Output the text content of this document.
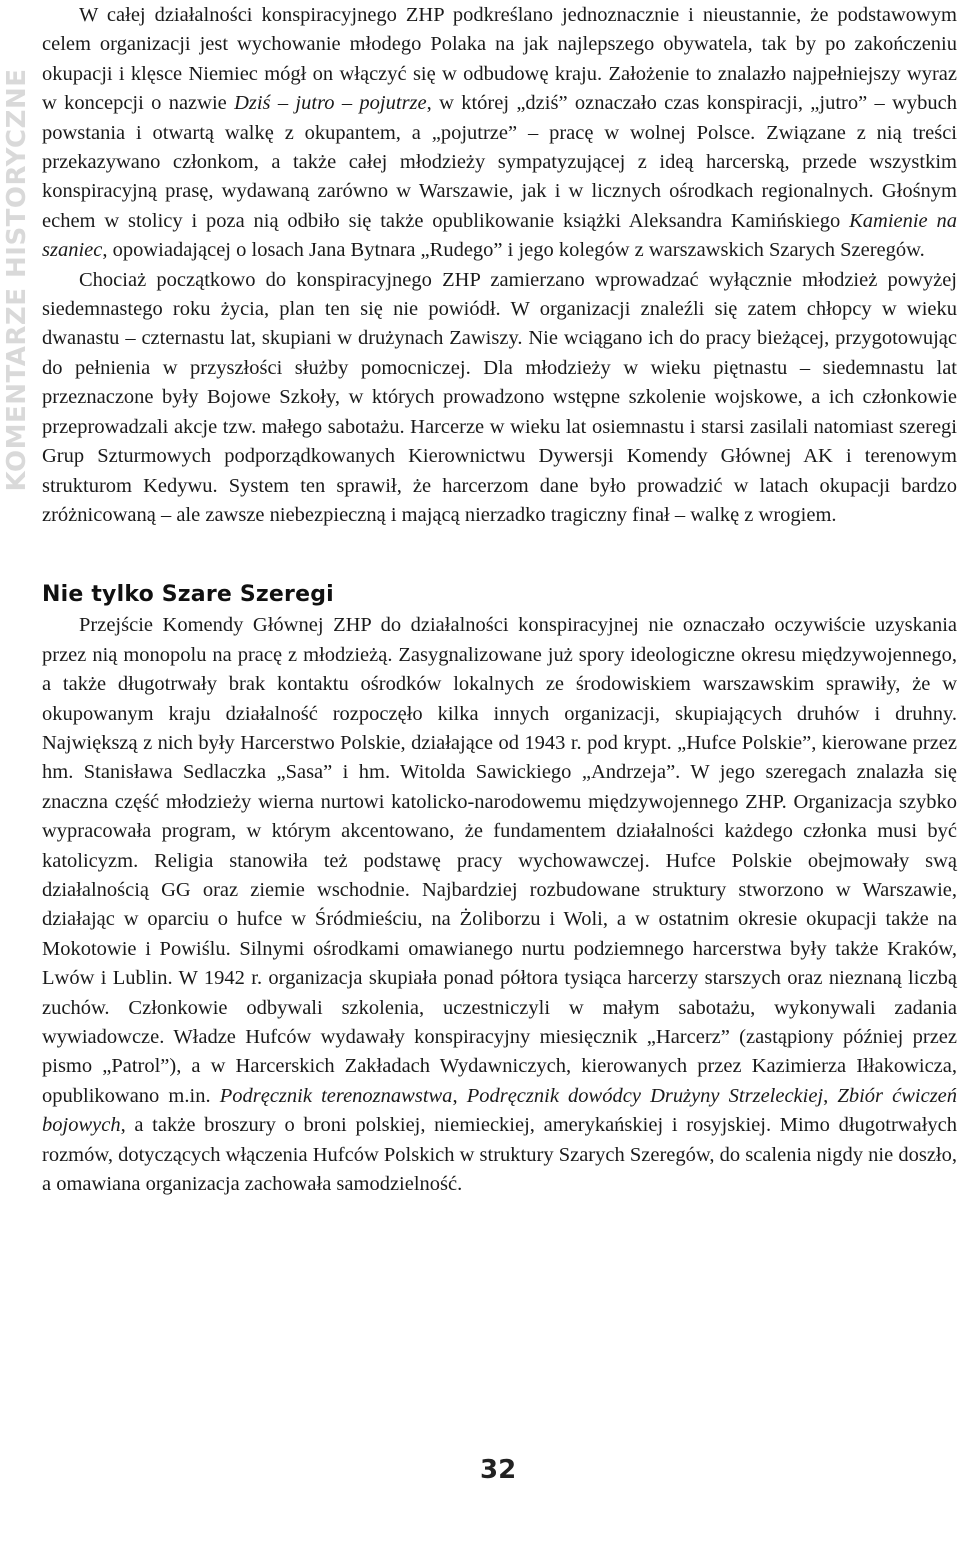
KOMENTARZE HISTORYCZNE

W całej działalności konspiracyjnego ZHP podkreślano jednoznacznie i nieustannie, że podstawowym celem organizacji jest wychowanie młodego Polaka na jak najlepszego obywatela, tak by po zakończeniu okupacji i klęsce Niemiec mógł on włączyć się w odbudowę kraju. Założenie to znalazło najpełniejszy wyraz w koncepcji o nazwie Dziś – jutro – pojutrze, w której „dziś” oznaczało czas konspiracji, „jutro” – wybuch powstania i otwartą walkę z okupantem, a „pojutrze” – pracę w wolnej Polsce. Związane z nią treści przekazywano członkom, a także całej młodzieży sympatyzującej z ideą harcerską, przede wszystkim konspiracyjną prasę, wydawaną zarówno w Warszawie, jak i w licznych ośrodkach regionalnych. Głośnym echem w stolicy i poza nią odbiło się także opublikowanie książki Aleksandra Kamińskiego Kamienie na szaniec, opowiadającej o losach Jana Bytnara „Rudego” i jego kolegów z warszawskich Szarych Szeregów.

Chociaż początkowo do konspiracyjnego ZHP zamierzano wprowadzać wyłącznie młodzież powyżej siedemnastego roku życia, plan ten się nie powiódł. W organizacji znaleźli się zatem chłopcy w wieku dwanastu – czternastu lat, skupiani w drużynach Zawiszy. Nie wciągano ich do pracy bieżącej, przygotowując do pełnienia w przyszłości służby pomocniczej. Dla młodzieży w wieku piętnastu – siedemnastu lat przeznaczone były Bojowe Szkoły, w których prowadzono wstępne szkolenie wojskowe, a ich członkowie przeprowadzali akcje tzw. małego sabotażu. Harcerze w wieku lat osiemnastu i starsi zasilali natomiast szeregi Grup Szturmowych podporządkowanych Kierownictwu Dywersji Komendy Głównej AK i terenowym strukturom Kedywu. System ten sprawił, że harcerzom dane było prowadzić w latach okupacji bardzo zróżnicowaną – ale zawsze niebezpieczną i mającą nierzadko tragiczny finał – walkę z wrogiem.

Nie tylko Szare Szeregi

Przejście Komendy Głównej ZHP do działalności konspiracyjnej nie oznaczało oczywiście uzyskania przez nią monopolu na pracę z młodzieżą. Zasygnalizowane już spory ideologiczne okresu międzywojennego, a także długotrwały brak kontaktu ośrodków lokalnych ze środowiskiem warszawskim sprawiły, że w okupowanym kraju działalność rozpoczęło kilka innych organizacji, skupiających druhów i druhny. Największą z nich były Harcerstwo Polskie, działające od 1943 r. pod krypt. „Hufce Polskie”, kierowane przez hm. Stanisława Sedlaczka „Sasa” i hm. Witolda Sawickiego „Andrzeja”. W jego szeregach znalazła się znaczna część młodzieży wierna nurtowi katolicko-narodowemu międzywojennego ZHP. Organizacja szybko wypracowała program, w którym akcentowano, że fundamentem działalności każdego członka musi być katolicyzm. Religia stanowiła też podstawę pracy wychowawczej. Hufce Polskie obejmowały swą działalnością GG oraz ziemie wschodnie. Najbardziej rozbudowane struktury stworzono w Warszawie, działając w oparciu o hufce w Śródmieściu, na Żoliborzu i Woli, a w ostatnim okresie okupacji także na Mokotowie i Powiślu. Silnymi ośrodkami omawianego nurtu podziemnego harcerstwa były także Kraków, Lwów i Lublin. W 1942 r. organizacja skupiała ponad półtora tysiąca harcerzy starszych oraz nieznaną liczbą zuchów. Członkowie odbywali szkolenia, uczestniczyli w małym sabotażu, wykonywali zadania wywiadowcze. Władze Hufców wydawały konspiracyjny miesięcznik „Harcerz” (zastąpiony później przez pismo „Patrol”), a w Harcerskich Zakładach Wydawniczych, kierowanych przez Kazimierza Iłłakowicza, opublikowano m.in. Podręcznik terenoznawstwa, Podręcznik dowódcy Drużyny Strzeleckiej, Zbiór ćwiczeń bojowych, a także broszury o broni polskiej, niemieckiej, amerykańskiej i rosyjskiej. Mimo długotrwałych rozmów, dotyczących włączenia Hufców Polskich w struktury Szarych Szeregów, do scalenia nigdy nie doszło, a omawiana organizacja zachowała samodzielność.

32
